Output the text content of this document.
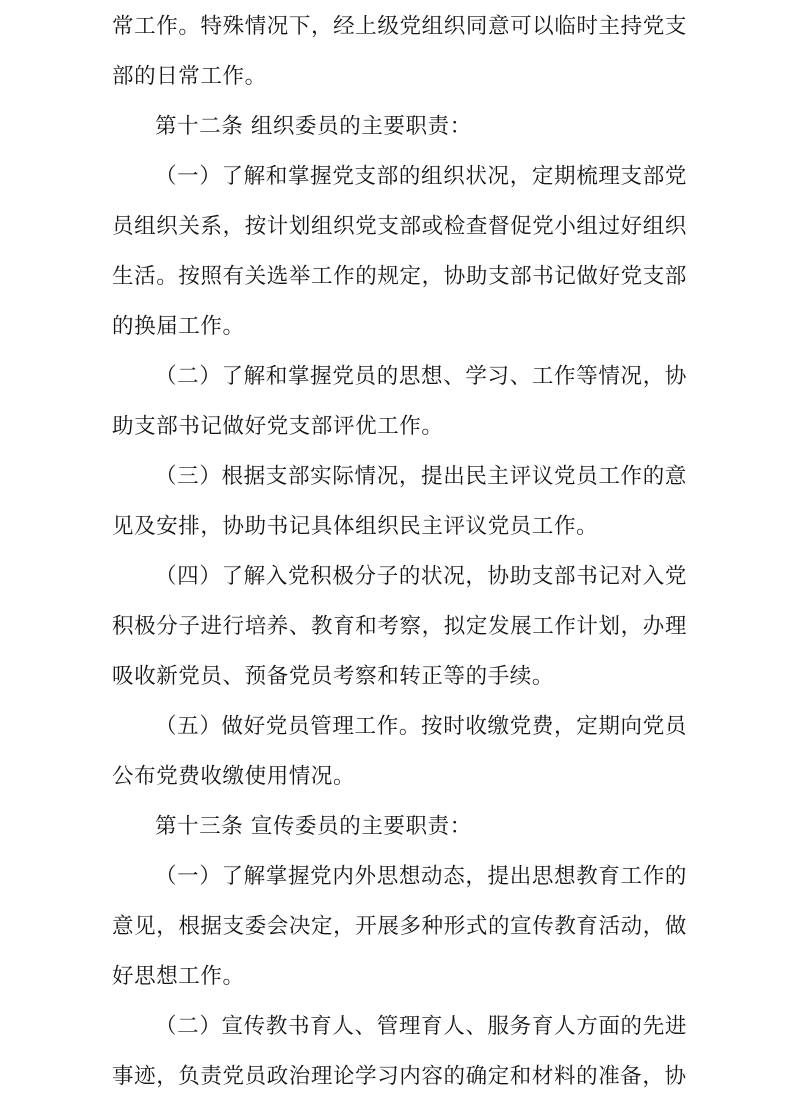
常工作。特殊情况下，经上级党组织同意可以临时主持党支部的日常工作。

第十二条 组织委员的主要职责：

（一）了解和掌握党支部的组织状况，定期梳理支部党员组织关系，按计划组织党支部或检查督促党小组过好组织生活。按照有关选举工作的规定，协助支部书记做好党支部的换届工作。

（二）了解和掌握党员的思想、学习、工作等情况，协助支部书记做好党支部评优工作。

（三）根据支部实际情况，提出民主评议党员工作的意见及安排，协助书记具体组织民主评议党员工作。

（四）了解入党积极分子的状况，协助支部书记对入党积极分子进行培养、教育和考察，拟定发展工作计划，办理吸收新党员、预备党员考察和转正等的手续。

（五）做好党员管理工作。按时收缴党费，定期向党员公布党费收缴使用情况。

第十三条 宣传委员的主要职责：

（一）了解掌握党内外思想动态，提出思想教育工作的意见，根据支委会决定，开展多种形式的宣传教育活动，做好思想工作。

（二）宣传教书育人、管理育人、服务育人方面的先进事迹，负责党员政治理论学习内容的确定和材料的准备，协
